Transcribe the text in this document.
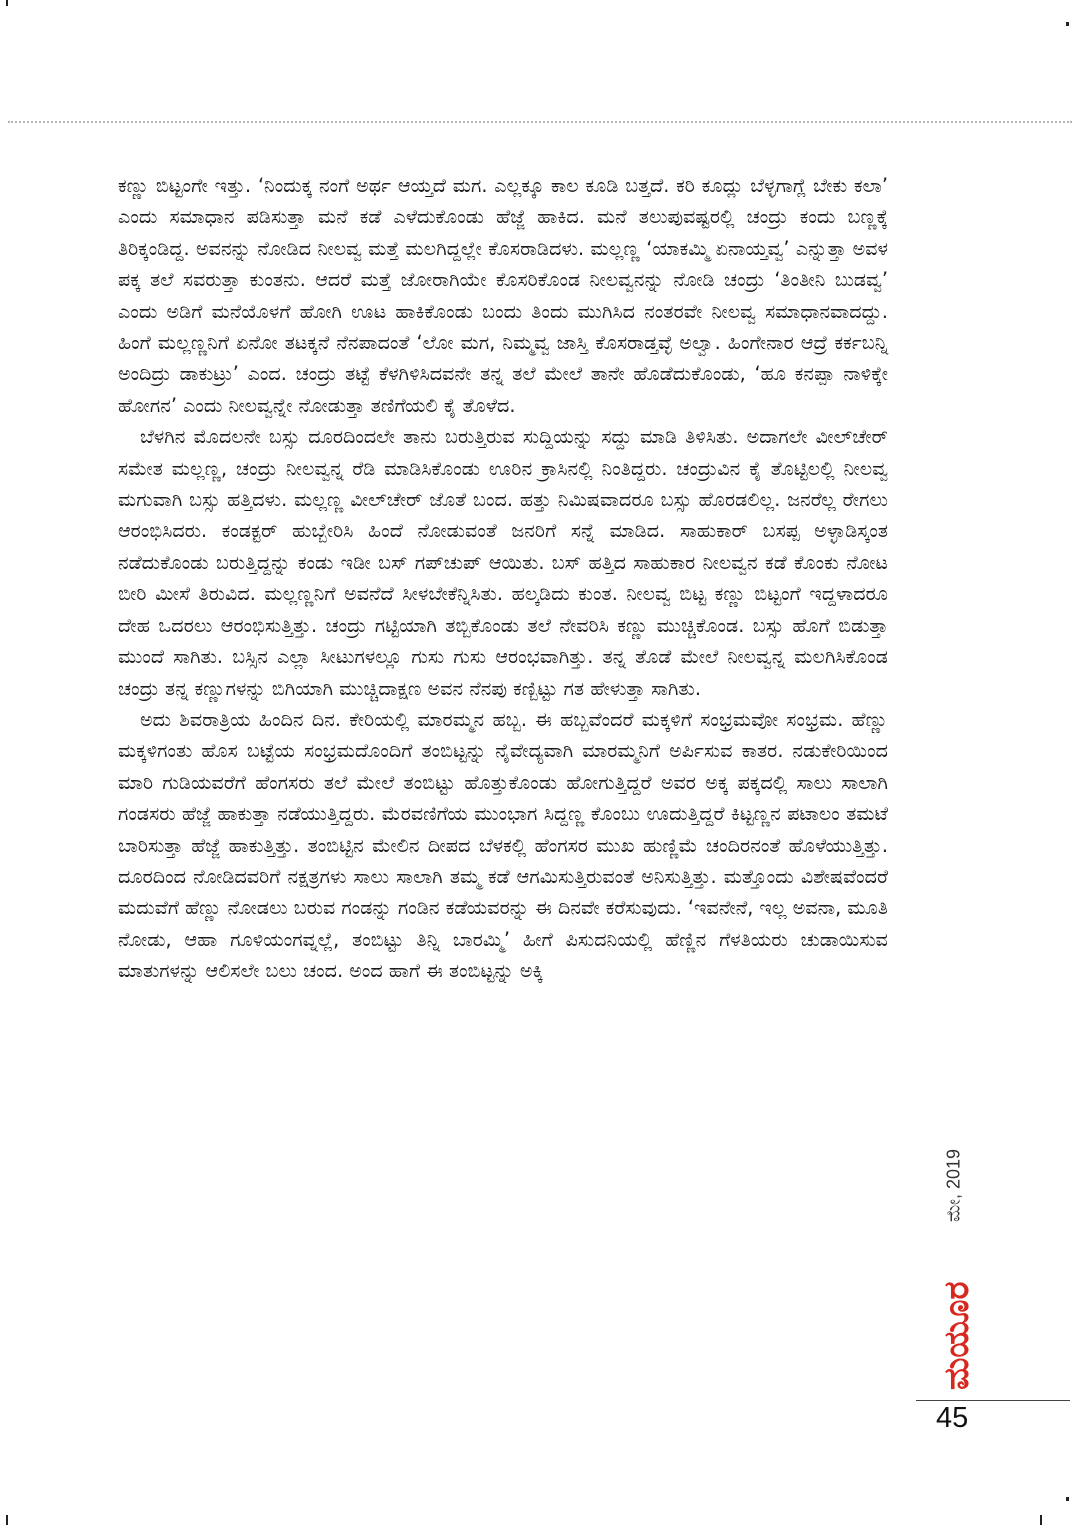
ಕಣ್ಣು ಬಿಟ್ಟಂಗೇ ಇತ್ತು. ‘ನಿಂದುಕ್ಕ ನಂಗೆ ಅರ್ಥ ಆಯ್ತದೆ ಮಗ. ಎಲ್ಲಕ್ಕೂ ಕಾಲ ಕೂಡಿ ಬತ್ತದೆ. ಕರಿ ಕೂದ್ಲು ಬೆಳ್ಳಗಾಗ್ಲೆ ಬೇಕು ಕಲಾ’ ಎಂದು ಸಮಾಧಾನ ಪಡಿಸುತ್ತಾ ಮನೆ ಕಡೆ ಎಳೆದುಕೊಂಡು ಹೆಜ್ಜೆ ಹಾಕಿದ. ಮನೆ ತಲುಪುವಷ್ಟರಲ್ಲಿ ಚಂದ್ರು ಕಂದು ಬಣ್ಣಕ್ಕೆ ತಿರಿಕ್ಕಂಡಿದ್ದ. ಅವನನ್ನು ನೋಡಿದ ನೀಲವ್ವ ಮತ್ತೆ ಮಲಗಿದ್ದಲ್ಲೇ ಕೊಸರಾಡಿದಳು. ಮಲ್ಲಣ್ಣ ‘ಯಾಕಮ್ಮಿ ಏನಾಯ್ತವ್ವ’ ಎನ್ನುತ್ತಾ ಅವಳ ಪಕ್ಕ ತಲೆ ಸವರುತ್ತಾ ಕುಂತನು. ಆದರೆ ಮತ್ತೆ ಜೋರಾಗಿಯೇ ಕೊಸರಿಕೊಂಡ ನೀಲವ್ವನನ್ನು ನೋಡಿ ಚಂದ್ರು ‘ತಿಂತೀನಿ ಬುಡವ್ವ’ ಎಂದು ಅಡಿಗೆ ಮನೆಯೊಳಗೆ ಹೋಗಿ ಊಟ ಹಾಕಿಕೊಂಡು ಬಂದು ತಿಂದು ಮುಗಿಸಿದ ನಂತರವೇ ನೀಲವ್ವ ಸಮಾಧಾನವಾದದ್ದು. ಹಿಂಗೆ ಮಲ್ಲಣ್ಣನಿಗೆ ಏನೋ ತಟಕ್ಕನೆ ನೆನಪಾದಂತೆ ‘ಲೋ ಮಗ, ನಿಮ್ಮವ್ವ ಜಾಸ್ತಿ ಕೊಸರಾಡ್ತವ್ಳೆ ಅಲ್ವಾ. ಹಿಂಗೇನಾರ ಆದ್ರೆ ಕರ್ಕಬನ್ನಿ ಅಂದಿದ್ರು ಡಾಕುಟ್ರು’ ಎಂದ. ಚಂದ್ರು ತಟ್ಟೆ ಕೆಳಗಿಳಿಸಿದವನೇ ತನ್ನ ತಲೆ ಮೇಲೆ ತಾನೇ ಹೊಡೆದುಕೊಂಡು, ‘ಹೂ ಕನಪ್ಪಾ ನಾಳಿಕ್ಕೇ ಹೋಗನ’ ಎಂದು ನೀಲವ್ವನ್ನೇ ನೋಡುತ್ತಾ ತಣಿಗೆಯಲಿ ಕೈ ತೊಳೆದ.

ಬೆಳಗಿನ ಮೊದಲನೇ ಬಸ್ಸು ದೂರದಿಂದಲೇ ತಾನು ಬರುತ್ತಿರುವ ಸುದ್ದಿಯನ್ನು ಸದ್ದು ಮಾಡಿ ತಿಳಿಸಿತು. ಅದಾಗಲೇ ವೀಲ್‌ಚೇರ್ ಸಮೇತ ಮಲ್ಲಣ್ಣ, ಚಂದ್ರು ನೀಲವ್ವನ್ನ ರೆಡಿ ಮಾಡಿಸಿಕೊಂಡು ಊರಿನ ಕ್ರಾಸಿನಲ್ಲಿ ನಿಂತಿದ್ದರು. ಚಂದ್ರುವಿನ ಕೈ ತೊಟ್ಟಿಲಲ್ಲಿ ನೀಲವ್ವ ಮಗುವಾಗಿ ಬಸ್ಸು ಹತ್ತಿದಳು. ಮಲ್ಲಣ್ಣ ವೀಲ್‌ಚೇರ್ ಜೊತೆ ಬಂದ. ಹತ್ತು ನಿಮಿಷವಾದರೂ ಬಸ್ಸು ಹೊರಡಲಿಲ್ಲ. ಜನರೆಲ್ಲ ರೇಗಲು ಆರಂಭಿಸಿದರು. ಕಂಡಕ್ಟರ್ ಹುಬ್ಬೇರಿಸಿ ಹಿಂದೆ ನೋಡುವಂತೆ ಜನರಿಗೆ ಸನ್ನೆ ಮಾಡಿದ. ಸಾಹುಕಾರ್ ಬಸಪ್ಪ ಅಳ್ಳಾಡಿಸ್ಕಂತ ನಡೆದುಕೊಂಡು ಬರುತ್ತಿದ್ದನ್ನು ಕಂಡು ಇಡೀ ಬಸ್ ಗಪ್‌ಚುಪ್ ಆಯಿತು. ಬಸ್ ಹತ್ತಿದ ಸಾಹುಕಾರ ನೀಲವ್ವನ ಕಡೆ ಕೊಂಕು ನೋಟ ಬೀರಿ ಮೀಸೆ ತಿರುವಿದ. ಮಲ್ಲಣ್ಣನಿಗೆ ಅವನೆದೆ ಸೀಳಬೇಕೆನ್ನಿಸಿತು. ಹಲ್ಕಡಿದು ಕುಂತ. ನೀಲವ್ವ ಬಿಟ್ಟ ಕಣ್ಣು ಬಿಟ್ಟಂಗೆ ಇದ್ದಳಾದರೂ ದೇಹ ಒದರಲು ಆರಂಭಿಸುತ್ತಿತ್ತು. ಚಂದ್ರು ಗಟ್ಟಿಯಾಗಿ ತಬ್ಬಿಕೊಂಡು ತಲೆ ನೇವರಿಸಿ ಕಣ್ಣು ಮುಚ್ಚಿಕೊಂಡ. ಬಸ್ಸು ಹೊಗೆ ಬಿಡುತ್ತಾ ಮುಂದೆ ಸಾಗಿತು. ಬಸ್ಸಿನ ಎಲ್ಲಾ ಸೀಟುಗಳಲ್ಲೂ ಗುಸು ಗುಸು ಆರಂಭವಾಗಿತ್ತು. ತನ್ನ ತೊಡೆ ಮೇಲೆ ನೀಲವ್ವನ್ನ ಮಲಗಿಸಿಕೊಂಡ ಚಂದ್ರು ತನ್ನ ಕಣ್ಣುಗಳನ್ನು ಬಿಗಿಯಾಗಿ ಮುಚ್ಚಿದಾಕ್ಷಣ ಅವನ ನೆನಪು ಕಣ್ಬಿಟ್ಟು ಗತ ಹೇಳುತ್ತಾ ಸಾಗಿತು.

ಅದು ಶಿವರಾತ್ರಿಯ ಹಿಂದಿನ ದಿನ. ಕೇರಿಯಲ್ಲಿ ಮಾರಮ್ಮನ ಹಬ್ಬ. ಈ ಹಬ್ಬವೆಂದರೆ ಮಕ್ಕಳಿಗೆ ಸಂಭ್ರಮವೋ ಸಂಭ್ರಮ. ಹೆಣ್ಣು ಮಕ್ಕಳಿಗಂತು ಹೊಸ ಬಟ್ಟೆಯ ಸಂಭ್ರಮದೊಂದಿಗೆ ತಂಬಿಟ್ಟನ್ನು ನೈವೇದ್ಯವಾಗಿ ಮಾರಮ್ಮನಿಗೆ ಅರ್ಪಿಸುವ ಕಾತರ. ನಡುಕೇರಿಯಿಂದ ಮಾರಿ ಗುಡಿಯವರೆಗೆ ಹೆಂಗಸರು ತಲೆ ಮೇಲೆ ತಂಬಿಟ್ಟು ಹೊತ್ತುಕೊಂಡು ಹೋಗುತ್ತಿದ್ದರೆ ಅವರ ಅಕ್ಕ ಪಕ್ಕದಲ್ಲಿ ಸಾಲು ಸಾಲಾಗಿ ಗಂಡಸರು ಹೆಜ್ಜೆ ಹಾಕುತ್ತಾ ನಡೆಯುತ್ತಿದ್ದರು. ಮೆರವಣಿಗೆಯ ಮುಂಭಾಗ ಸಿದ್ದಣ್ಣ ಕೊಂಬು ಊದುತ್ತಿದ್ದರೆ ಕಿಟ್ಟಣ್ಣನ ಪಟಾಲಂ ತಮಟೆ ಬಾರಿಸುತ್ತಾ ಹೆಜ್ಜೆ ಹಾಕುತ್ತಿತ್ತು. ತಂಬಿಟ್ಟಿನ ಮೇಲಿನ ದೀಪದ ಬೆಳಕಲ್ಲಿ ಹೆಂಗಸರ ಮುಖ ಹುಣ್ಣಿಮೆ ಚಂದಿರನಂತೆ ಹೊಳೆಯುತ್ತಿತ್ತು. ದೂರದಿಂದ ನೋಡಿದವರಿಗೆ ನಕ್ಷತ್ರಗಳು ಸಾಲು ಸಾಲಾಗಿ ತಮ್ಮ ಕಡೆ ಆಗಮಿಸುತ್ತಿರುವಂತೆ ಅನಿಸುತ್ತಿತ್ತು. ಮತ್ತೊಂದು ವಿಶೇಷವೆಂದರೆ ಮದುವೆಗೆ ಹೆಣ್ಣು ನೋಡಲು ಬರುವ ಗಂಡನ್ನು ಗಂಡಿನ ಕಡೆಯವರನ್ನು ಈ ದಿನವೇ ಕರೆಸುವುದು. ‘ಇವನೇನೆ, ಇಲ್ಲ ಅವನಾ, ಮೂತಿ ನೋಡು, ಆಹಾ ಗೂಳಿಯಂಗವ್ನಲ್ಲೆ, ತಂಬಿಟ್ಟು ತಿನ್ನಿ ಬಾರಮ್ಮಿ’ ಹೀಗೆ ಪಿಸುದನಿಯಲ್ಲಿ ಹೆಣ್ಣಿನ ಗೆಳತಿಯರು ಚುಡಾಯಿಸುವ ಮಾತುಗಳನ್ನು ಆಲಿಸಲೇ ಬಲು ಚಂದ. ಅಂದ ಹಾಗೆ ಈ ತಂಬಿಟ್ಟನ್ನು ಅಕ್ಕಿ

ಮೇ, 2019
ಮಯೂರ
45
